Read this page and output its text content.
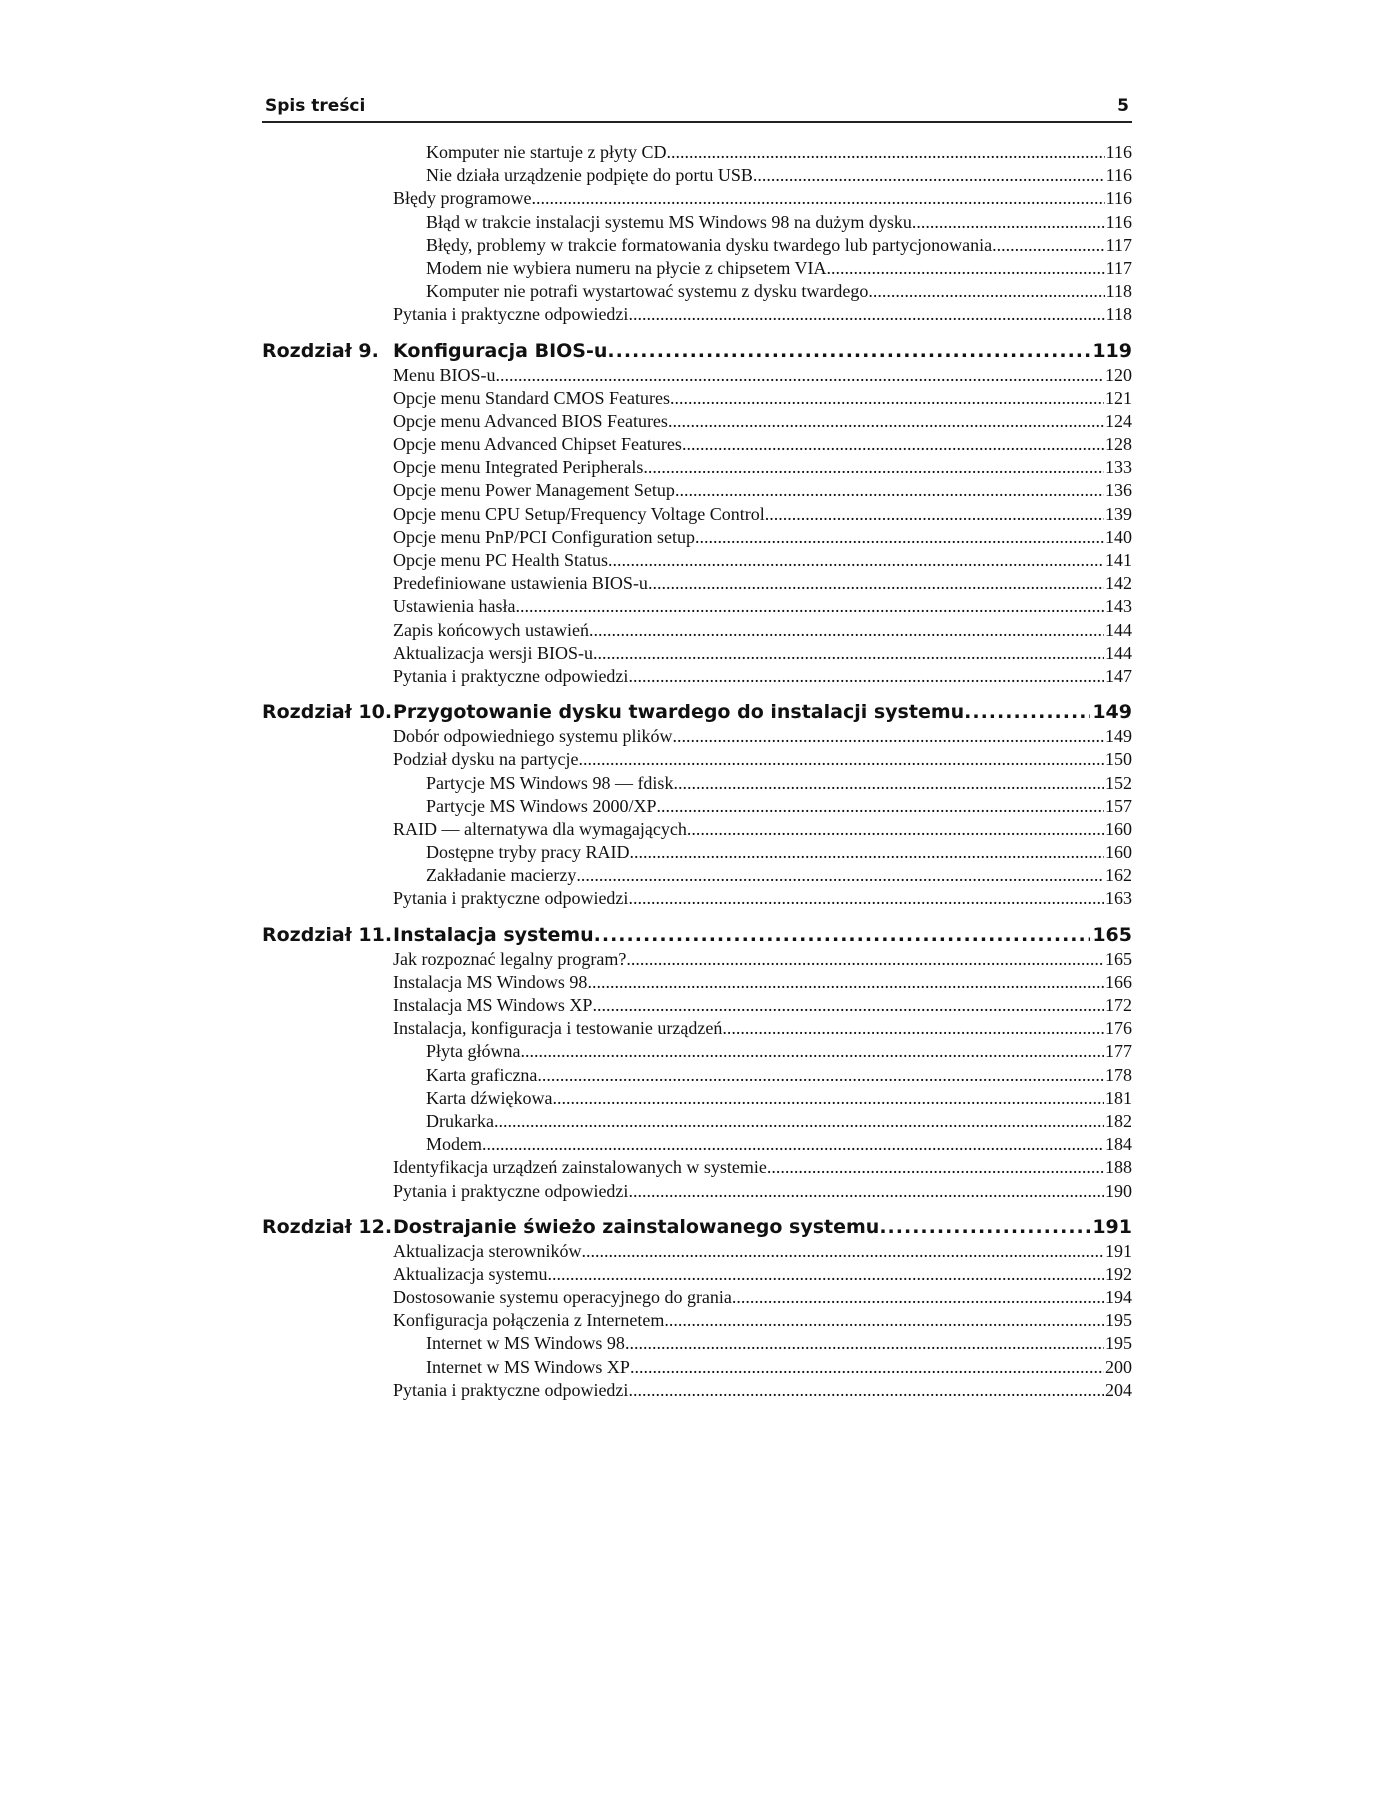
Spis treści	5
Komputer nie startuje z płyty CD .....	116
Nie działa urządzenie podpięte do portu USB .....	116
Błędy programowe .....	116
Błąd w trakcie instalacji systemu MS Windows 98 na dużym dysku .....	116
Błędy, problemy w trakcie formatowania dysku twardego lub partycjonowania .....	117
Modem nie wybiera numeru na płycie z chipsetem VIA .....	117
Komputer nie potrafi wystartować systemu z dysku twardego .....	118
Pytania i praktyczne odpowiedzi .....	118
Rozdział 9. Konfiguracja BIOS-u .....	119
Menu BIOS-u .....	120
Opcje menu Standard CMOS Features .....	121
Opcje menu Advanced BIOS Features .....	124
Opcje menu Advanced Chipset Features .....	128
Opcje menu Integrated Peripherals .....	133
Opcje menu Power Management Setup .....	136
Opcje menu CPU Setup/Frequency Voltage Control .....	139
Opcje menu PnP/PCI Configuration setup .....	140
Opcje menu PC Health Status .....	141
Predefiniowane ustawienia BIOS-u .....	142
Ustawienia hasła .....	143
Zapis końcowych ustawień .....	144
Aktualizacja wersji BIOS-u .....	144
Pytania i praktyczne odpowiedzi .....	147
Rozdział 10. Przygotowanie dysku twardego do instalacji systemu .....	149
Dobór odpowiedniego systemu plików .....	149
Podział dysku na partycje .....	150
Partycje MS Windows 98 — fdisk .....	152
Partycje MS Windows 2000/XP .....	157
RAID — alternatywa dla wymagających .....	160
Dostępne tryby pracy RAID .....	160
Zakładanie macierzy .....	162
Pytania i praktyczne odpowiedzi .....	163
Rozdział 11. Instalacja systemu .....	165
Jak rozpoznać legalny program? .....	165
Instalacja MS Windows 98 .....	166
Instalacja MS Windows XP .....	172
Instalacja, konfiguracja i testowanie urządzeń .....	176
Płyta główna .....	177
Karta graficzna .....	178
Karta dźwiękowa .....	181
Drukarka .....	182
Modem .....	184
Identyfikacja urządzeń zainstalowanych w systemie .....	188
Pytania i praktyczne odpowiedzi .....	190
Rozdział 12. Dostrajanie świeżo zainstalowanego systemu .....	191
Aktualizacja sterowników .....	191
Aktualizacja systemu .....	192
Dostosowanie systemu operacyjnego do grania .....	194
Konfiguracja połączenia z Internetem .....	195
Internet w MS Windows 98 .....	195
Internet w MS Windows XP .....	200
Pytania i praktyczne odpowiedzi .....	204
